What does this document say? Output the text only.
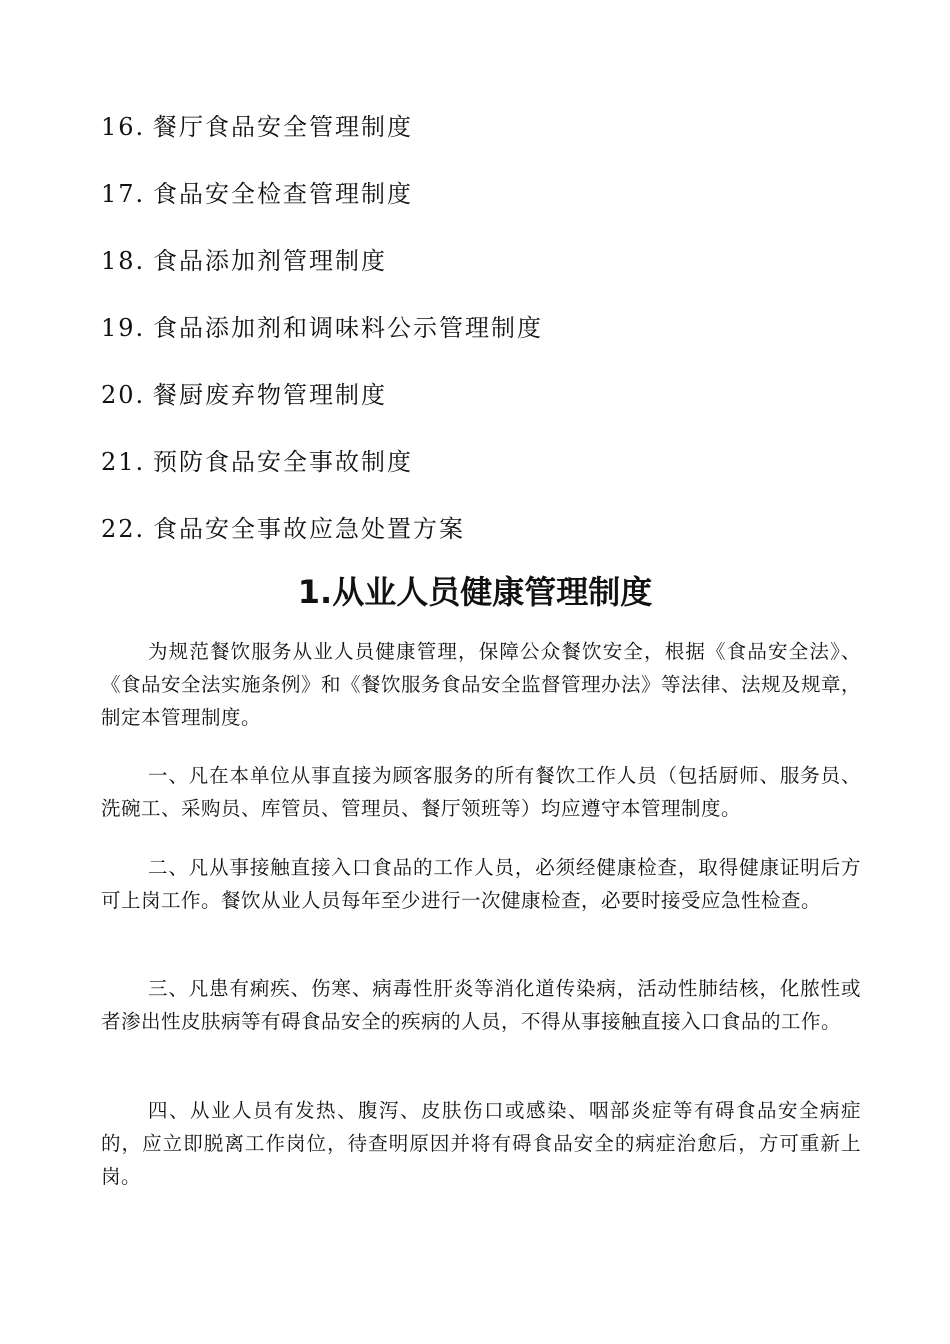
16. 餐厅食品安全管理制度
17. 食品安全检查管理制度
18. 食品添加剂管理制度
19. 食品添加剂和调味料公示管理制度
20. 餐厨废弃物管理制度
21. 预防食品安全事故制度
22. 食品安全事故应急处置方案
1.从业人员健康管理制度
为规范餐饮服务从业人员健康管理，保障公众餐饮安全，根据《食品安全法》、《食品安全法实施条例》和《餐饮服务食品安全监督管理办法》等法律、法规及规章，制定本管理制度。
一、凡在本单位从事直接为顾客服务的所有餐饮工作人员（包括厨师、服务员、洗碗工、采购员、库管员、管理员、餐厅领班等）均应遵守本管理制度。
二、凡从事接触直接入口食品的工作人员，必须经健康检查，取得健康证明后方可上岗工作。餐饮从业人员每年至少进行一次健康检查，必要时接受应急性检查。
三、凡患有痢疾、伤寒、病毒性肝炎等消化道传染病，活动性肺结核，化脓性或者渗出性皮肤病等有碍食品安全的疾病的人员，不得从事接触直接入口食品的工作。
四、从业人员有发热、腹泻、皮肤伤口或感染、咽部炎症等有碍食品安全病症的，应立即脱离工作岗位，待查明原因并将有碍食品安全的病症治愈后，方可重新上岗。
